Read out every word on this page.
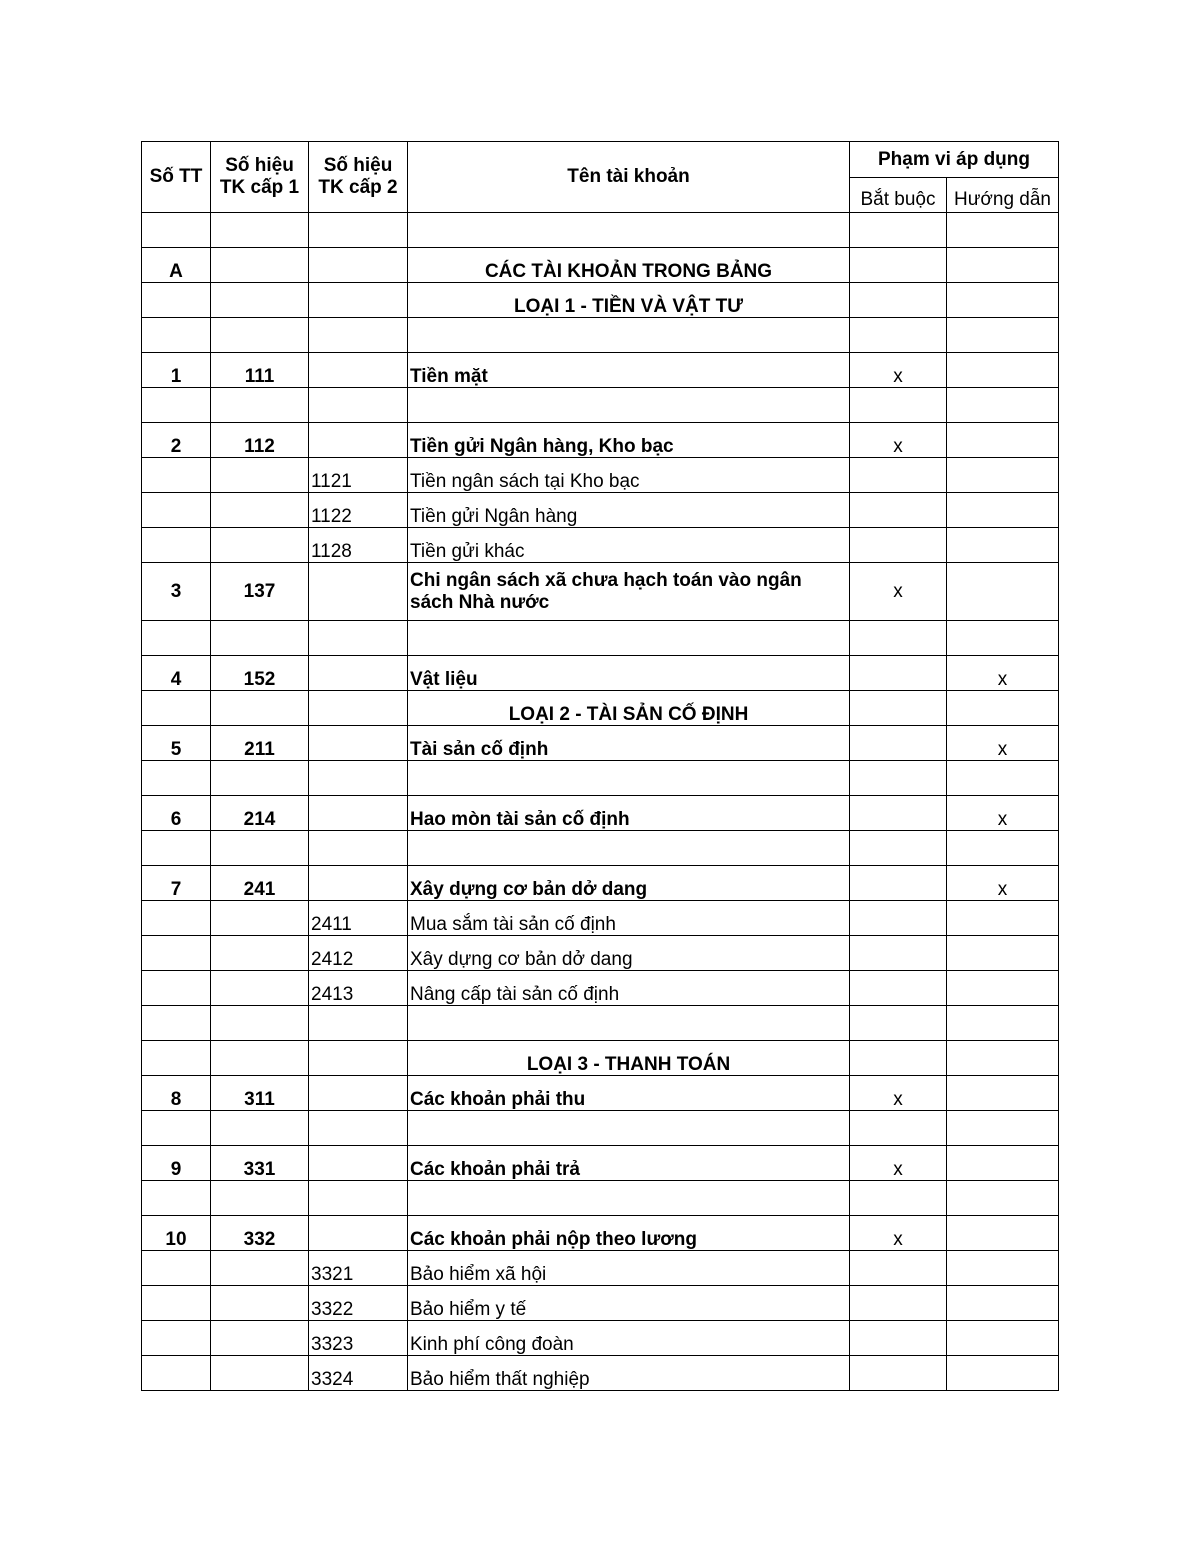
Số TT	Số hiệu TK cấp 1	Số hiệu TK cấp 2	Tên tài khoản	Phạm vi áp dụng	
				Bắt buộc	Hướng dẫn

A			CÁC TÀI KHOẢN TRONG BẢNG		
			LOẠI 1 - TIỀN VÀ VẬT TƯ		

1	111		Tiền mặt	x	

2	112		Tiền gửi Ngân hàng, Kho bạc	x	
		1121	Tiền ngân sách tại Kho bạc		
		1122	Tiền gửi Ngân hàng		
		1128	Tiền gửi khác		
3	137		Chi ngân sách xã chưa hạch toán vào ngân sách Nhà nước	x	

4	152		Vật liệu		x
			LOẠI 2 - TÀI SẢN CỐ ĐỊNH		
5	211		Tài sản cố định		x

6	214		Hao mòn tài sản cố định		x

7	241		Xây dựng cơ bản dở dang		x
		2411	Mua sắm tài sản cố định		
		2412	Xây dựng cơ bản dở dang		
		2413	Nâng cấp tài sản cố định		

			LOẠI 3 - THANH TOÁN		
8	311		Các khoản phải thu	x	

9	331		Các khoản phải trả	x	

10	332		Các khoản phải nộp theo lương	x	
		3321	Bảo hiểm xã hội		
		3322	Bảo hiểm y tế		
		3323	Kinh phí công đoàn		
		3324	Bảo hiểm thất nghiệp		
